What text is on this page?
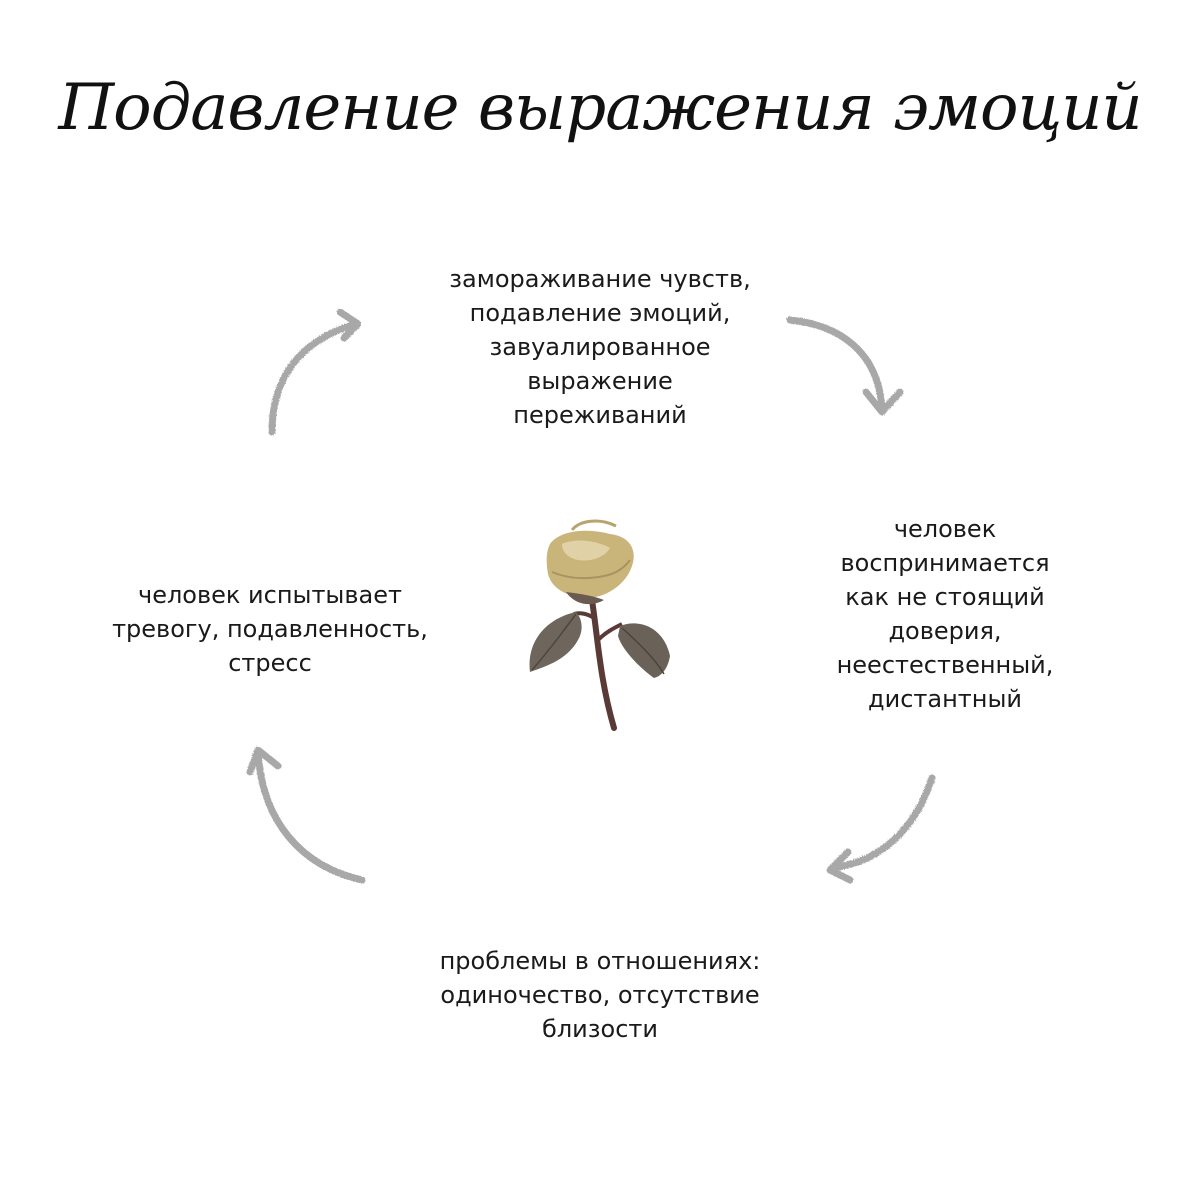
Подавление выражения эмоций
замораживание чувств,
подавление эмоций,
завуалированное
выражение
переживаний
человек
воспринимается
как не стоящий
доверия,
неестественный,
дистантный
проблемы в отношениях:
одиночество, отсутствие
близости
человек испытывает
тревогу, подавленность,
стресс
